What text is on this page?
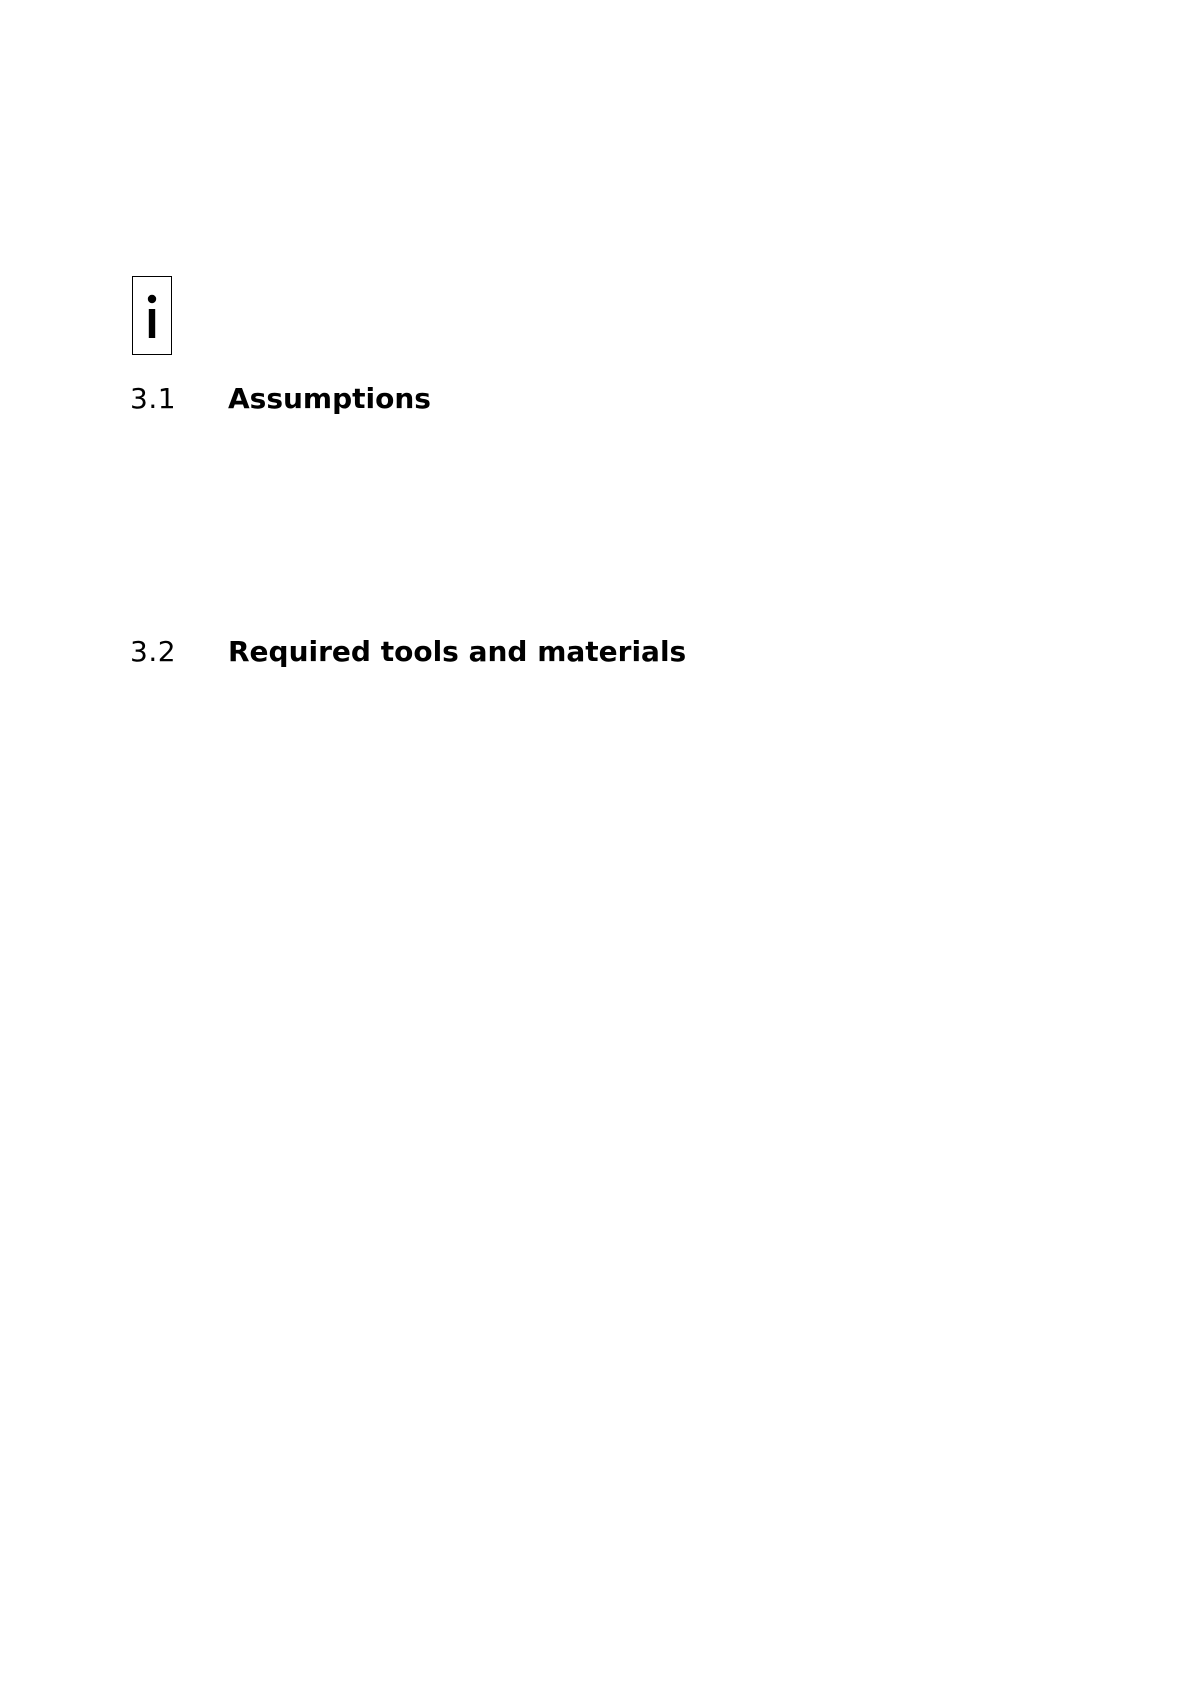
3.1 Assumptions
3.2 Required tools and materials
